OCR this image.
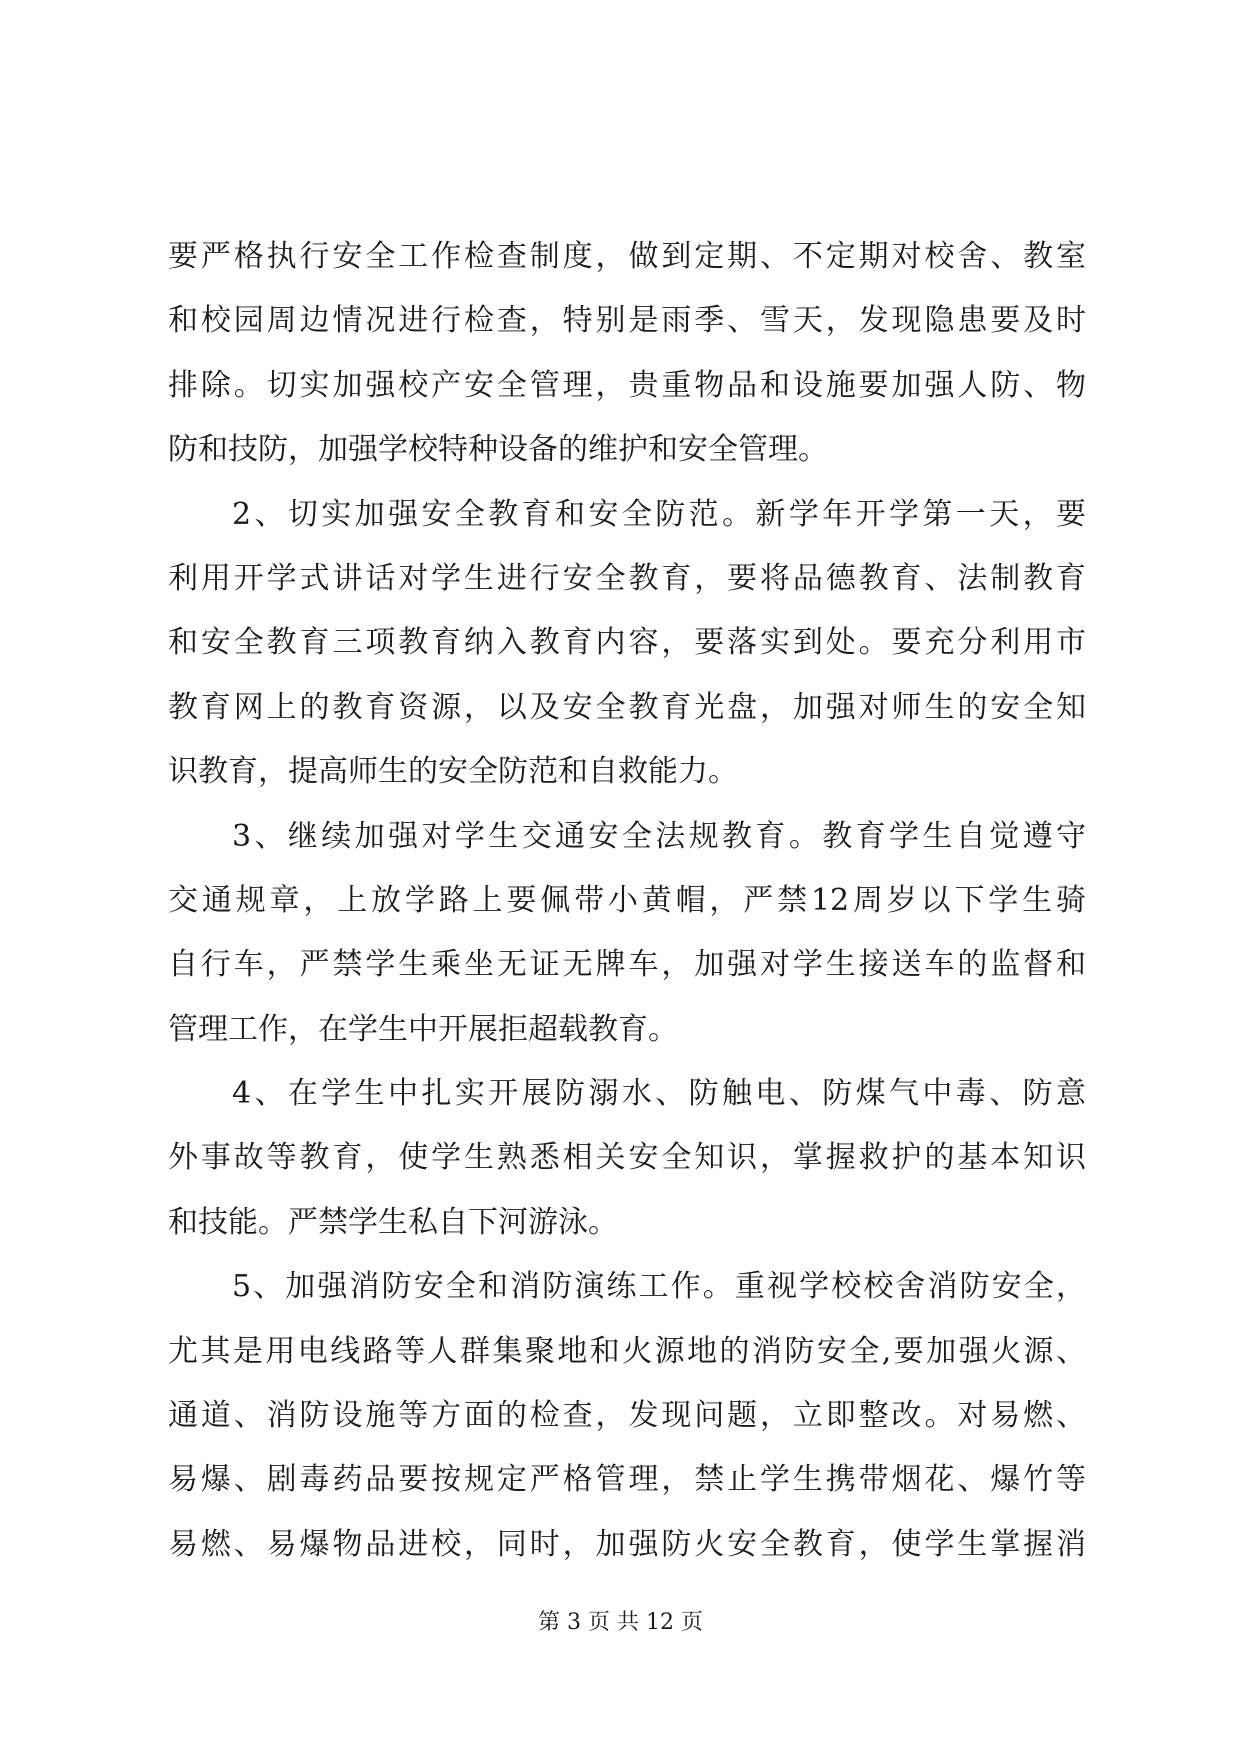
要严格执行安全工作检查制度，做到定期、不定期对校舍、教室
和校园周边情况进行检查，特别是雨季、雪天，发现隐患要及时
排除。切实加强校产安全管理，贵重物品和设施要加强人防、物
防和技防，加强学校特种设备的维护和安全管理。
2、切实加强安全教育和安全防范。新学年开学第一天，要
利用开学式讲话对学生进行安全教育，要将品德教育、法制教育
和安全教育三项教育纳入教育内容，要落实到处。要充分利用市
教育网上的教育资源，以及安全教育光盘，加强对师生的安全知
识教育，提高师生的安全防范和自救能力。
3、继续加强对学生交通安全法规教育。教育学生自觉遵守
交通规章，上放学路上要佩带小黄帽，严禁12周岁以下学生骑
自行车，严禁学生乘坐无证无牌车，加强对学生接送车的监督和
管理工作，在学生中开展拒超载教育。
4、在学生中扎实开展防溺水、防触电、防煤气中毒、防意
外事故等教育，使学生熟悉相关安全知识，掌握救护的基本知识
和技能。严禁学生私自下河游泳。
5、加强消防安全和消防演练工作。重视学校校舍消防安全，
尤其是用电线路等人群集聚地和火源地的消防安全,要加强火源、
通道、消防设施等方面的检查，发现问题，立即整改。对易燃、
易爆、剧毒药品要按规定严格管理，禁止学生携带烟花、爆竹等
易燃、易爆物品进校，同时，加强防火安全教育，使学生掌握消
第 3 页 共 12 页
